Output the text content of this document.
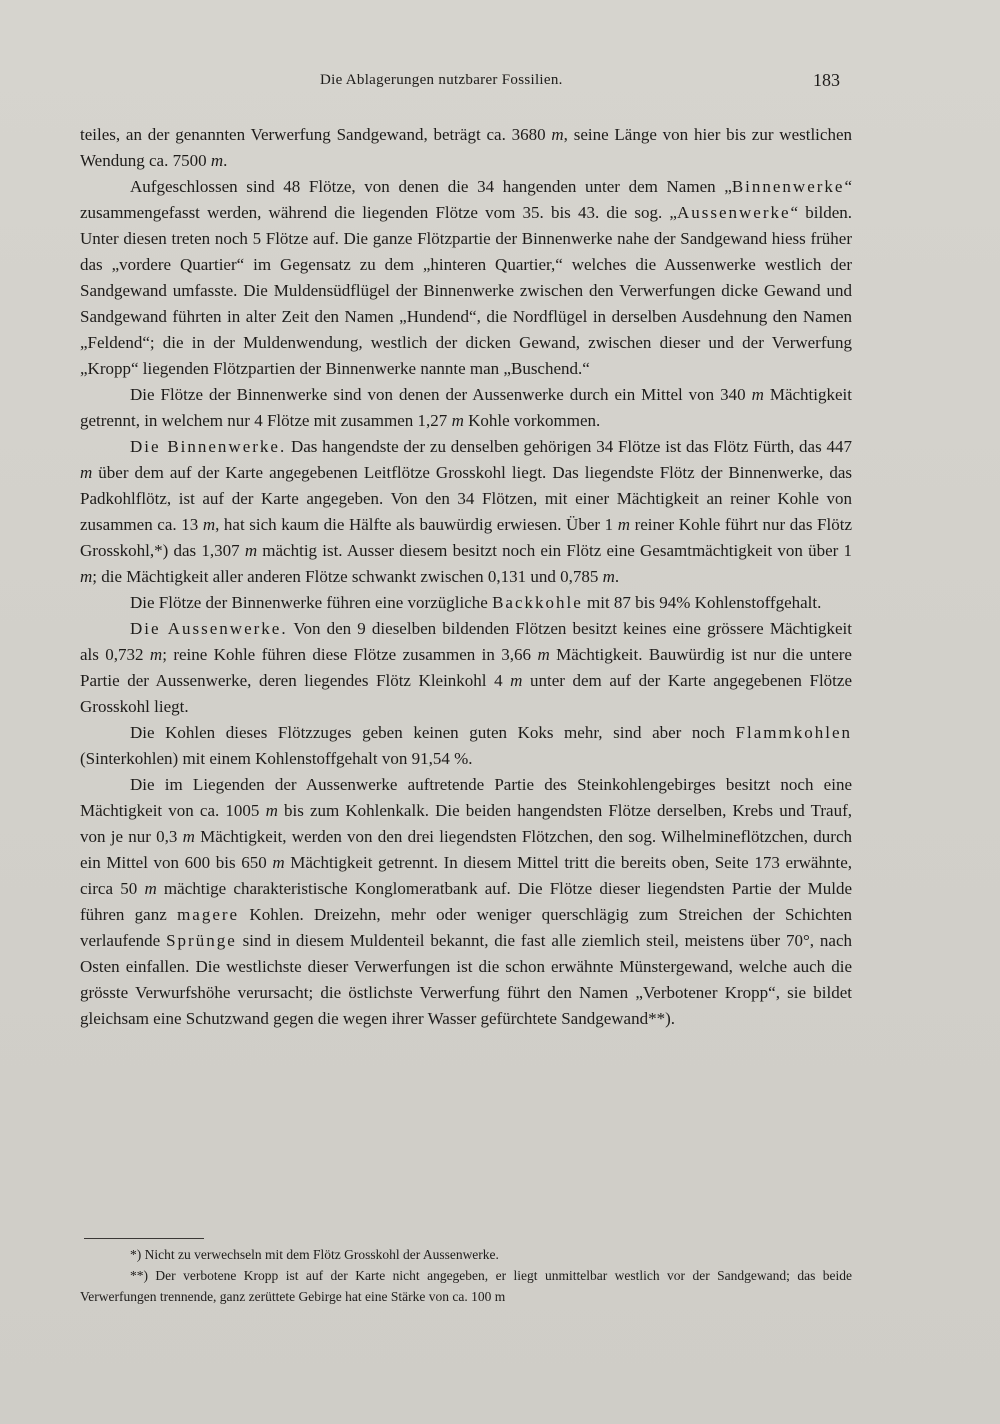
Die Ablagerungen nutzbarer Fossilien.	183

teiles, an der genannten Verwerfung Sandgewand, beträgt ca. 3680 m, seine Länge von hier bis zur westlichen Wendung ca. 7500 m.

Aufgeschlossen sind 48 Flötze, von denen die 34 hangenden unter dem Namen „Binnenwerke“ zusammengefasst werden, während die liegenden Flötze vom 35. bis 43. die sog. „Aussenwerke“ bilden. Unter diesen treten noch 5 Flötze auf. Die ganze Flötzpartie der Binnenwerke nahe der Sandgewand hiess früher das „vordere Quartier“ im Gegensatz zu dem „hinteren Quartier,“ welches die Aussenwerke westlich der Sandgewand umfasste. Die Muldensüdflügel der Binnenwerke zwischen den Verwerfungen dicke Gewand und Sandgewand führten in alter Zeit den Namen „Hundend“, die Nordflügel in derselben Ausdehnung den Namen „Feldend“; die in der Muldenwendung, westlich der dicken Gewand, zwischen dieser und der Verwerfung „Kropp“ liegenden Flötzpartien der Binnenwerke nannte man „Buschend.“

Die Flötze der Binnenwerke sind von denen der Aussenwerke durch ein Mittel von 340 m Mächtigkeit getrennt, in welchem nur 4 Flötze mit zusammen 1,27 m Kohle vorkommen.

Die Binnenwerke. Das hangendste der zu denselben gehörigen 34 Flötze ist das Flötz Fürth, das 447 m über dem auf der Karte angegebenen Leitflötze Grosskohl liegt. Das liegendste Flötz der Binnenwerke, das Padkohlflötz, ist auf der Karte angegeben. Von den 34 Flötzen, mit einer Mächtigkeit an reiner Kohle von zusammen ca. 13 m, hat sich kaum die Hälfte als bauwürdig erwiesen. Über 1 m reiner Kohle führt nur das Flötz Grosskohl,*) das 1,307 m mächtig ist. Ausser diesem besitzt noch ein Flötz eine Gesamtmächtigkeit von über 1 m; die Mächtigkeit aller anderen Flötze schwankt zwischen 0,131 und 0,785 m.

Die Flötze der Binnenwerke führen eine vorzügliche Backkohle mit 87 bis 94% Kohlenstoffgehalt.

Die Aussenwerke. Von den 9 dieselben bildenden Flötzen besitzt keines eine grössere Mächtigkeit als 0,732 m; reine Kohle führen diese Flötze zusammen in 3,66 m Mächtigkeit. Bauwürdig ist nur die untere Partie der Aussenwerke, deren liegendes Flötz Kleinkohl 4 m unter dem auf der Karte angegebenen Flötze Grosskohl liegt.

Die Kohlen dieses Flötzzuges geben keinen guten Koks mehr, sind aber noch Flammkohlen (Sinterkohlen) mit einem Kohlenstoffgehalt von 91,54 %.

Die im Liegenden der Aussenwerke auftretende Partie des Steinkohlengebirges besitzt noch eine Mächtigkeit von ca. 1005 m bis zum Kohlenkalk. Die beiden hangendsten Flötze derselben, Krebs und Trauf, von je nur 0,3 m Mächtigkeit, werden von den drei liegendsten Flötzchen, den sog. Wilhelmineflötzchen, durch ein Mittel von 600 bis 650 m Mächtigkeit getrennt. In diesem Mittel tritt die bereits oben, Seite 173 erwähnte, circa 50 m mächtige charakteristische Konglomeratbank auf. Die Flötze dieser liegendsten Partie der Mulde führen ganz magere Kohlen. Dreizehn, mehr oder weniger querschlägig zum Streichen der Schichten verlaufende Sprünge sind in diesem Muldenteil bekannt, die fast alle ziemlich steil, meistens über 70°, nach Osten einfallen. Die westlichste dieser Verwerfungen ist die schon erwähnte Münstergewand, welche auch die grösste Verwurfshöhe verursacht; die östlichste Verwerfung führt den Namen „Verbotener Kropp“, sie bildet gleichsam eine Schutzwand gegen die wegen ihrer Wasser gefürchtete Sandgewand**).

*) Nicht zu verwechseln mit dem Flötz Grosskohl der Aussenwerke.

**) Der verbotene Kropp ist auf der Karte nicht angegeben, er liegt unmittelbar westlich vor der Sandgewand; das beide Verwerfungen trennende, ganz zerüttete Gebirge hat eine Stärke von ca. 100 m
